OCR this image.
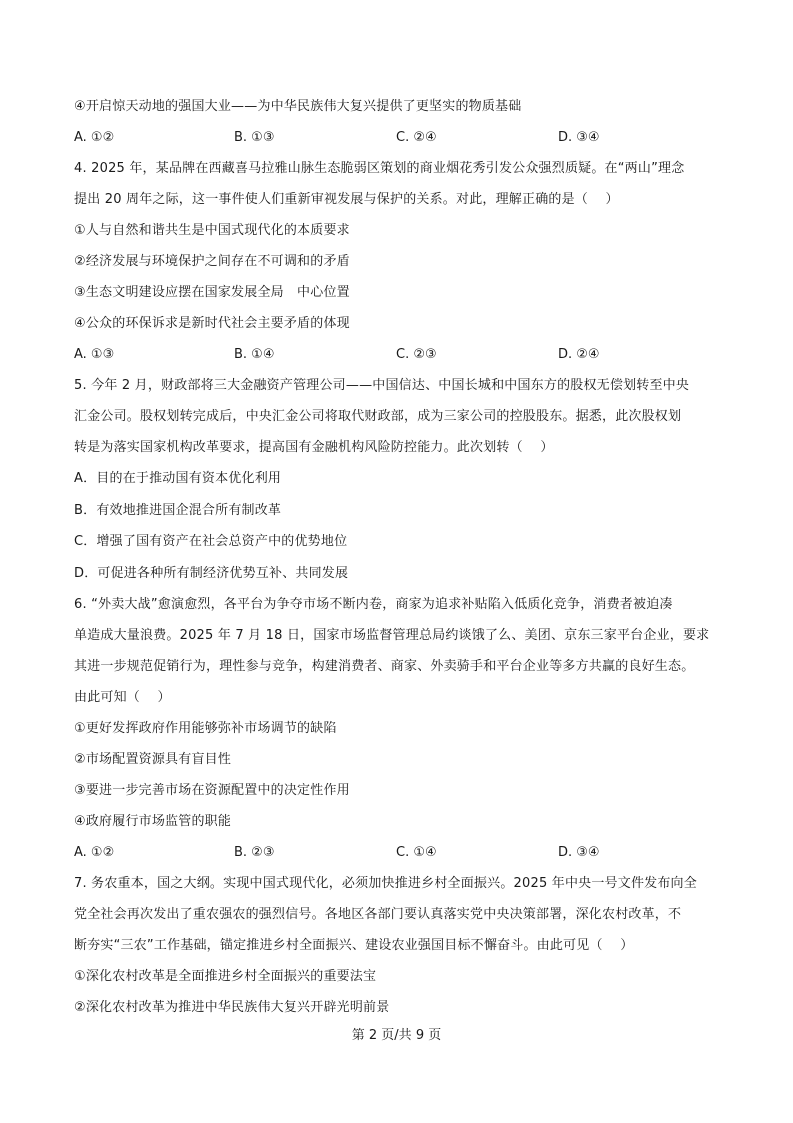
④开启惊天动地的强国大业——为中华民族伟大复兴提供了更坚实的物质基础
A. ①②	B. ①③	C. ②④	D. ③④
4. 2025 年，某品牌在西藏喜马拉雅山脉生态脆弱区策划的商业烟花秀引发公众强烈质疑。在“两山”理念
提出 20 周年之际，这一事件使人们重新审视发展与保护的关系。对此，理解正确的是（　 ）
①人与自然和谐共生是中国式现代化的本质要求
②经济发展与环境保护之间存在不可调和的矛盾
③生态文明建设应摆在国家发展全局　中心位置
④公众的环保诉求是新时代社会主要矛盾的体现
A. ①③	B. ①④	C. ②③	D. ②④
5. 今年 2 月，财政部将三大金融资产管理公司——中国信达、中国长城和中国东方的股权无偿划转至中央
汇金公司。股权划转完成后，中央汇金公司将取代财政部，成为三家公司的控股股东。据悉，此次股权划
转是为落实国家机构改革要求，提高国有金融机构风险防控能力。此次划转（　 ）
A．目的在于推动国有资本优化利用
B．有效地推进国企混合所有制改革
C．增强了国有资产在社会总资产中的优势地位
D．可促进各种所有制经济优势互补、共同发展
6. “外卖大战”愈演愈烈，各平台为争夺市场不断内卷，商家为追求补贴陷入低质化竞争，消费者被迫凑
单造成大量浪费。2025 年 7 月 18 日，国家市场监督管理总局约谈饿了么、美团、京东三家平台企业，要求
其进一步规范促销行为，理性参与竞争，构建消费者、商家、外卖骑手和平台企业等多方共赢的良好生态。
由此可知（　 ）
①更好发挥政府作用能够弥补市场调节的缺陷
②市场配置资源具有盲目性
③要进一步完善市场在资源配置中的决定性作用
④政府履行市场监管的职能
A. ①②	B. ②③	C. ①④	D. ③④
7. 务农重本，国之大纲。实现中国式现代化，必须加快推进乡村全面振兴。2025 年中央一号文件发布向全
党全社会再次发出了重农强农的强烈信号。各地区各部门要认真落实党中央决策部署，深化农村改革，不
断夯实“三农”工作基础，锚定推进乡村全面振兴、建设农业强国目标不懈奋斗。由此可见（　 ）
①深化农村改革是全面推进乡村全面振兴的重要法宝
②深化农村改革为推进中华民族伟大复兴开辟光明前景
第 2 页/共 9 页
